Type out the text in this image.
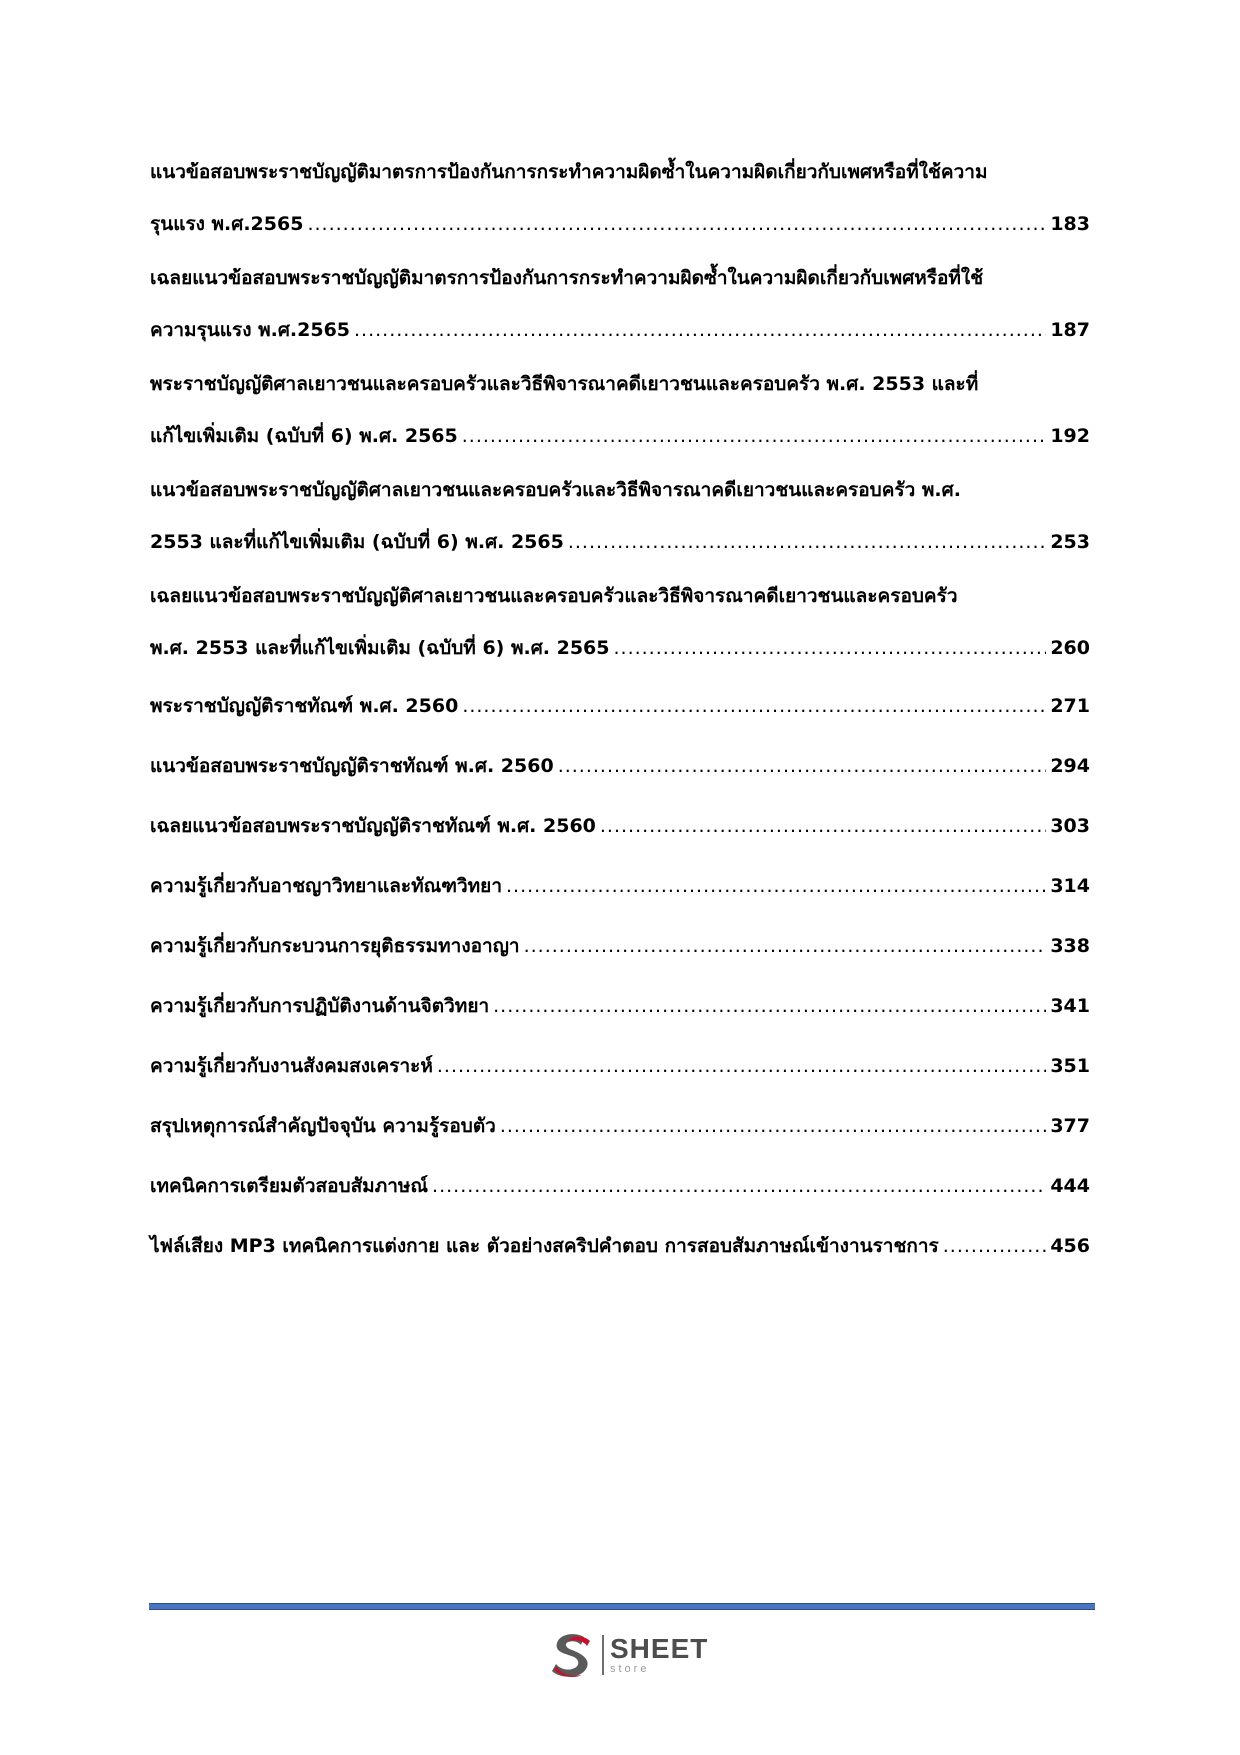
แนวข้อสอบพระราชบัญญัติมาตรการป้องกันการกระทำความผิดซ้ำในความผิดเกี่ยวกับเพศหรือที่ใช้ความ
รุนแรง พ.ศ.2565 .....	183
เฉลยแนวข้อสอบพระราชบัญญัติมาตรการป้องกันการกระทำความผิดซ้ำในความผิดเกี่ยวกับเพศหรือที่ใช้
ความรุนแรง พ.ศ.2565 .....	187
พระราชบัญญัติศาลเยาวชนและครอบครัวและวิธีพิจารณาคดีเยาวชนและครอบครัว พ.ศ. 2553 และที่
แก้ไขเพิ่มเติม (ฉบับที่ 6) พ.ศ. 2565 .....	192
แนวข้อสอบพระราชบัญญัติศาลเยาวชนและครอบครัวและวิธีพิจารณาคดีเยาวชนและครอบครัว พ.ศ.
2553 และที่แก้ไขเพิ่มเติม (ฉบับที่ 6) พ.ศ. 2565 .....	253
เฉลยแนวข้อสอบพระราชบัญญัติศาลเยาวชนและครอบครัวและวิธีพิจารณาคดีเยาวชนและครอบครัว
พ.ศ. 2553 และที่แก้ไขเพิ่มเติม (ฉบับที่ 6) พ.ศ. 2565 .....	260
พระราชบัญญัติราชทัณฑ์ พ.ศ. 2560 .....	271
แนวข้อสอบพระราชบัญญัติราชทัณฑ์ พ.ศ. 2560 .....	294
เฉลยแนวข้อสอบพระราชบัญญัติราชทัณฑ์ พ.ศ. 2560 .....	303
ความรู้เกี่ยวกับอาชญาวิทยาและทัณฑวิทยา .....	314
ความรู้เกี่ยวกับกระบวนการยุติธรรมทางอาญา .....	338
ความรู้เกี่ยวกับการปฏิบัติงานด้านจิตวิทยา .....	341
ความรู้เกี่ยวกับงานสังคมสงเคราะห์ .....	351
สรุปเหตุการณ์สำคัญปัจจุบัน ความรู้รอบตัว .....	377
เทคนิคการเตรียมตัวสอบสัมภาษณ์ .....	444
ไฟล์เสียง MP3 เทคนิคการแต่งกาย และ ตัวอย่างสคริปคำตอบ การสอบสัมภาษณ์เข้างานราชการ .....	456
SHEET
store
